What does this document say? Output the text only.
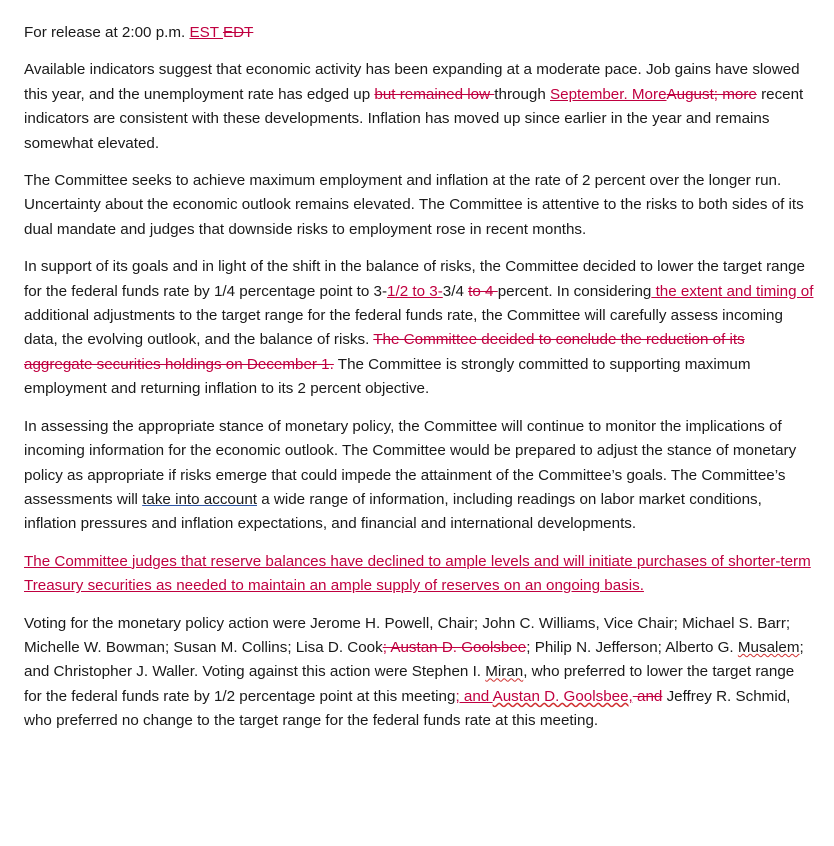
For release at 2:00 p.m. EST EDT

Available indicators suggest that economic activity has been expanding at a moderate pace. Job gains have slowed this year, and the unemployment rate has edged up but remained low through September. MoreAugust; more recent indicators are consistent with these developments. Inflation has moved up since earlier in the year and remains somewhat elevated.

The Committee seeks to achieve maximum employment and inflation at the rate of 2 percent over the longer run. Uncertainty about the economic outlook remains elevated. The Committee is attentive to the risks to both sides of its dual mandate and judges that downside risks to employment rose in recent months.

In support of its goals and in light of the shift in the balance of risks, the Committee decided to lower the target range for the federal funds rate by 1/4 percentage point to 3-1/2 to 3-3/4 to 4 percent. In considering the extent and timing of additional adjustments to the target range for the federal funds rate, the Committee will carefully assess incoming data, the evolving outlook, and the balance of risks. The Committee decided to conclude the reduction of its aggregate securities holdings on December 1. The Committee is strongly committed to supporting maximum employment and returning inflation to its 2 percent objective.

In assessing the appropriate stance of monetary policy, the Committee will continue to monitor the implications of incoming information for the economic outlook. The Committee would be prepared to adjust the stance of monetary policy as appropriate if risks emerge that could impede the attainment of the Committee’s goals. The Committee’s assessments will take into account a wide range of information, including readings on labor market conditions, inflation pressures and inflation expectations, and financial and international developments.

The Committee judges that reserve balances have declined to ample levels and will initiate purchases of shorter-term Treasury securities as needed to maintain an ample supply of reserves on an ongoing basis.

Voting for the monetary policy action were Jerome H. Powell, Chair; John C. Williams, Vice Chair; Michael S. Barr; Michelle W. Bowman; Susan M. Collins; Lisa D. Cook; Austan D. Goolsbee; Philip N. Jefferson; Alberto G. Musalem; and Christopher J. Waller. Voting against this action were Stephen I. Miran, who preferred to lower the target range for the federal funds rate by 1/2 percentage point at this meeting; and Austan D. Goolsbee, and Jeffrey R. Schmid, who preferred no change to the target range for the federal funds rate at this meeting.
